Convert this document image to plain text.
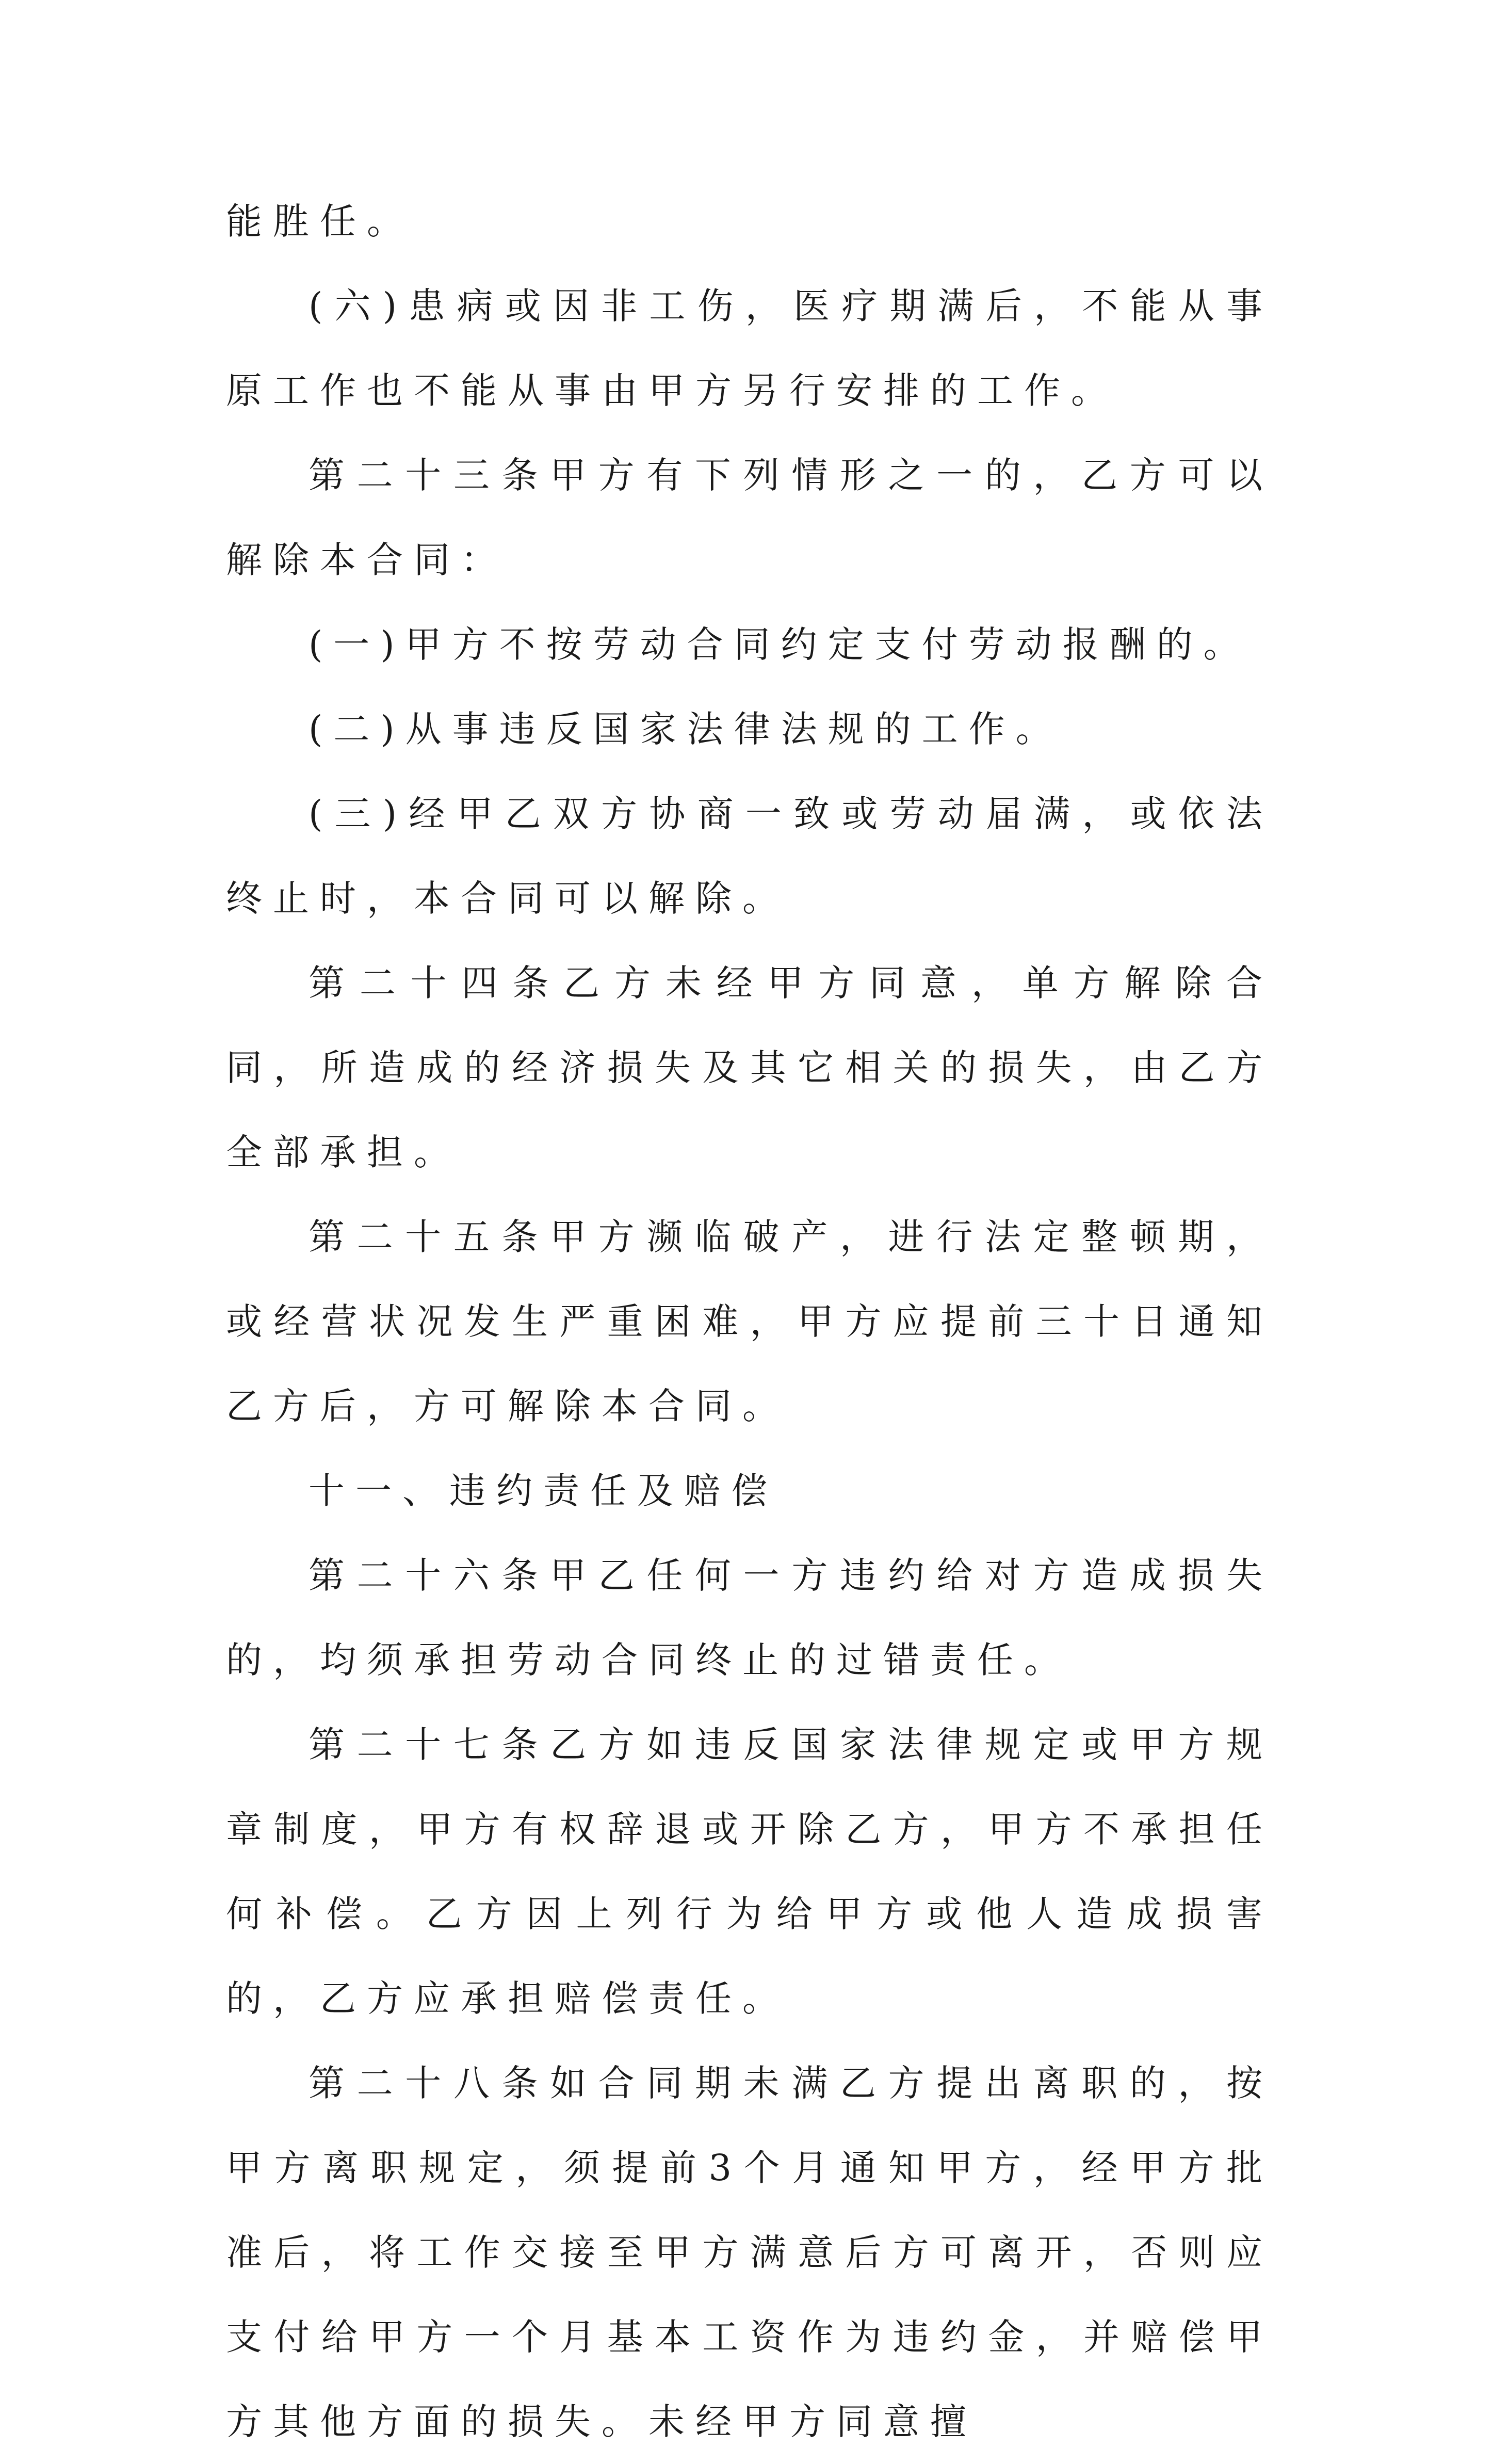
能胜任。

(六)患病或因非工伤，医疗期满后，不能从事原工作也不能从事由甲方另行安排的工作。

第二十三条甲方有下列情形之一的，乙方可以解除本合同：

(一)甲方不按劳动合同约定支付劳动报酬的。

(二)从事违反国家法律法规的工作。

(三)经甲乙双方协商一致或劳动届满，或依法终止时，本合同可以解除。

第二十四条乙方未经甲方同意，单方解除合同，所造成的经济损失及其它相关的损失，由乙方全部承担。

第二十五条甲方濒临破产，进行法定整顿期，或经营状况发生严重困难，甲方应提前三十日通知乙方后，方可解除本合同。

十一、违约责任及赔偿

第二十六条甲乙任何一方违约给对方造成损失的，均须承担劳动合同终止的过错责任。

第二十七条乙方如违反国家法律规定或甲方规章制度，甲方有权辞退或开除乙方，甲方不承担任何补偿。乙方因上列行为给甲方或他人造成损害的，乙方应承担赔偿责任。

第二十八条如合同期未满乙方提出离职的，按甲方离职规定，须提前3个月通知甲方，经甲方批准后，将工作交接至甲方满意后方可离开，否则应支付给甲方一个月基本工资作为违约金，并赔偿甲方其他方面的损失。未经甲方同意擅
